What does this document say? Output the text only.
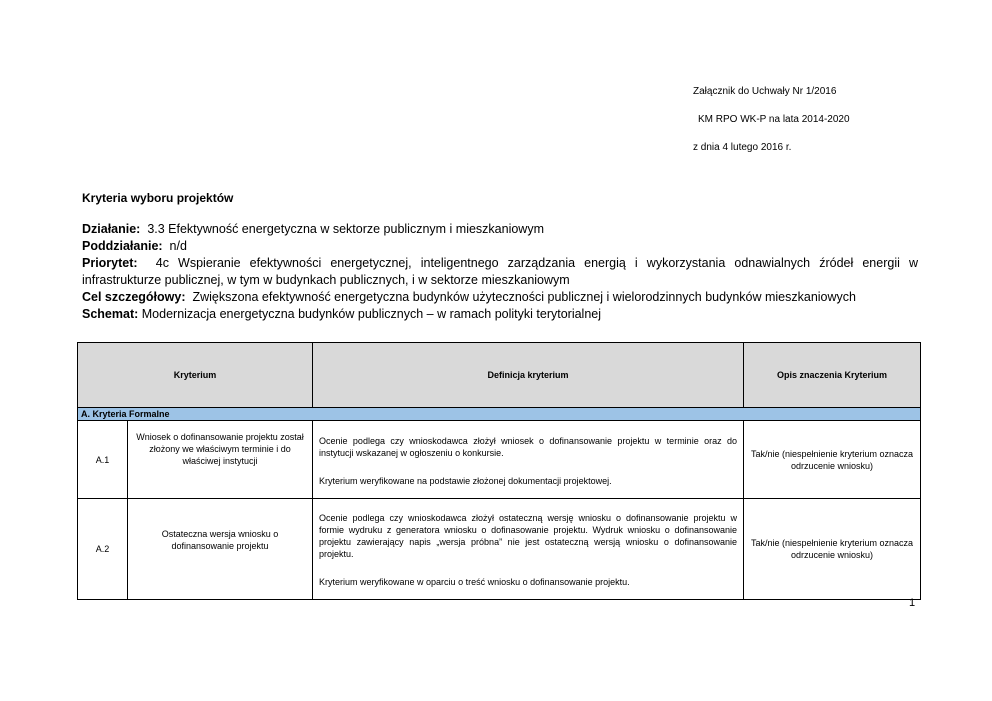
Załącznik do Uchwały Nr 1/2016
KM RPO WK-P na lata 2014-2020
z dnia 4 lutego 2016 r.
Kryteria wyboru projektów
Działanie: 3.3 Efektywność energetyczna w sektorze publicznym i mieszkaniowym
Poddziałanie: n/d
Priorytet: 4c Wspieranie efektywności energetycznej, inteligentnego zarządzania energią i wykorzystania odnawialnych źródeł energii w infrastrukturze publicznej, w tym w budynkach publicznych, i w sektorze mieszkaniowym
Cel szczegółowy: Zwiększona efektywność energetyczna budynków użyteczności publicznej i wielorodzinnych budynków mieszkaniowych
Schemat: Modernizacja energetyczna budynków publicznych – w ramach polityki terytorialnej
Kryterium		Definicja kryterium	Opis znaczenia Kryterium
A. Kryteria Formalne			
A.1	Wniosek o dofinansowanie projektu został złożony we właściwym terminie i do właściwej instytucji	Ocenie podlega czy wnioskodawca złożył wniosek o dofinansowanie projektu w terminie oraz do instytucji wskazanej w ogłoszeniu o konkursie.

Kryterium weryfikowane na podstawie złożonej dokumentacji projektowej.	Tak/nie (niespełnienie kryterium oznacza odrzucenie wniosku)
A.2	Ostateczna wersja wniosku o dofinansowanie projektu	Ocenie podlega czy wnioskodawca złożył ostateczną wersję wniosku o dofinansowanie projektu w formie wydruku z generatora wniosku o dofinasowanie projektu. Wydruk wniosku o dofinansowanie projektu zawierający napis „wersja próbna” nie jest ostateczną wersją wniosku o dofinansowanie projektu.

Kryterium weryfikowane w oparciu o treść wniosku o dofinansowanie projektu.	Tak/nie (niespełnienie kryterium oznacza odrzucenie wniosku)
1
